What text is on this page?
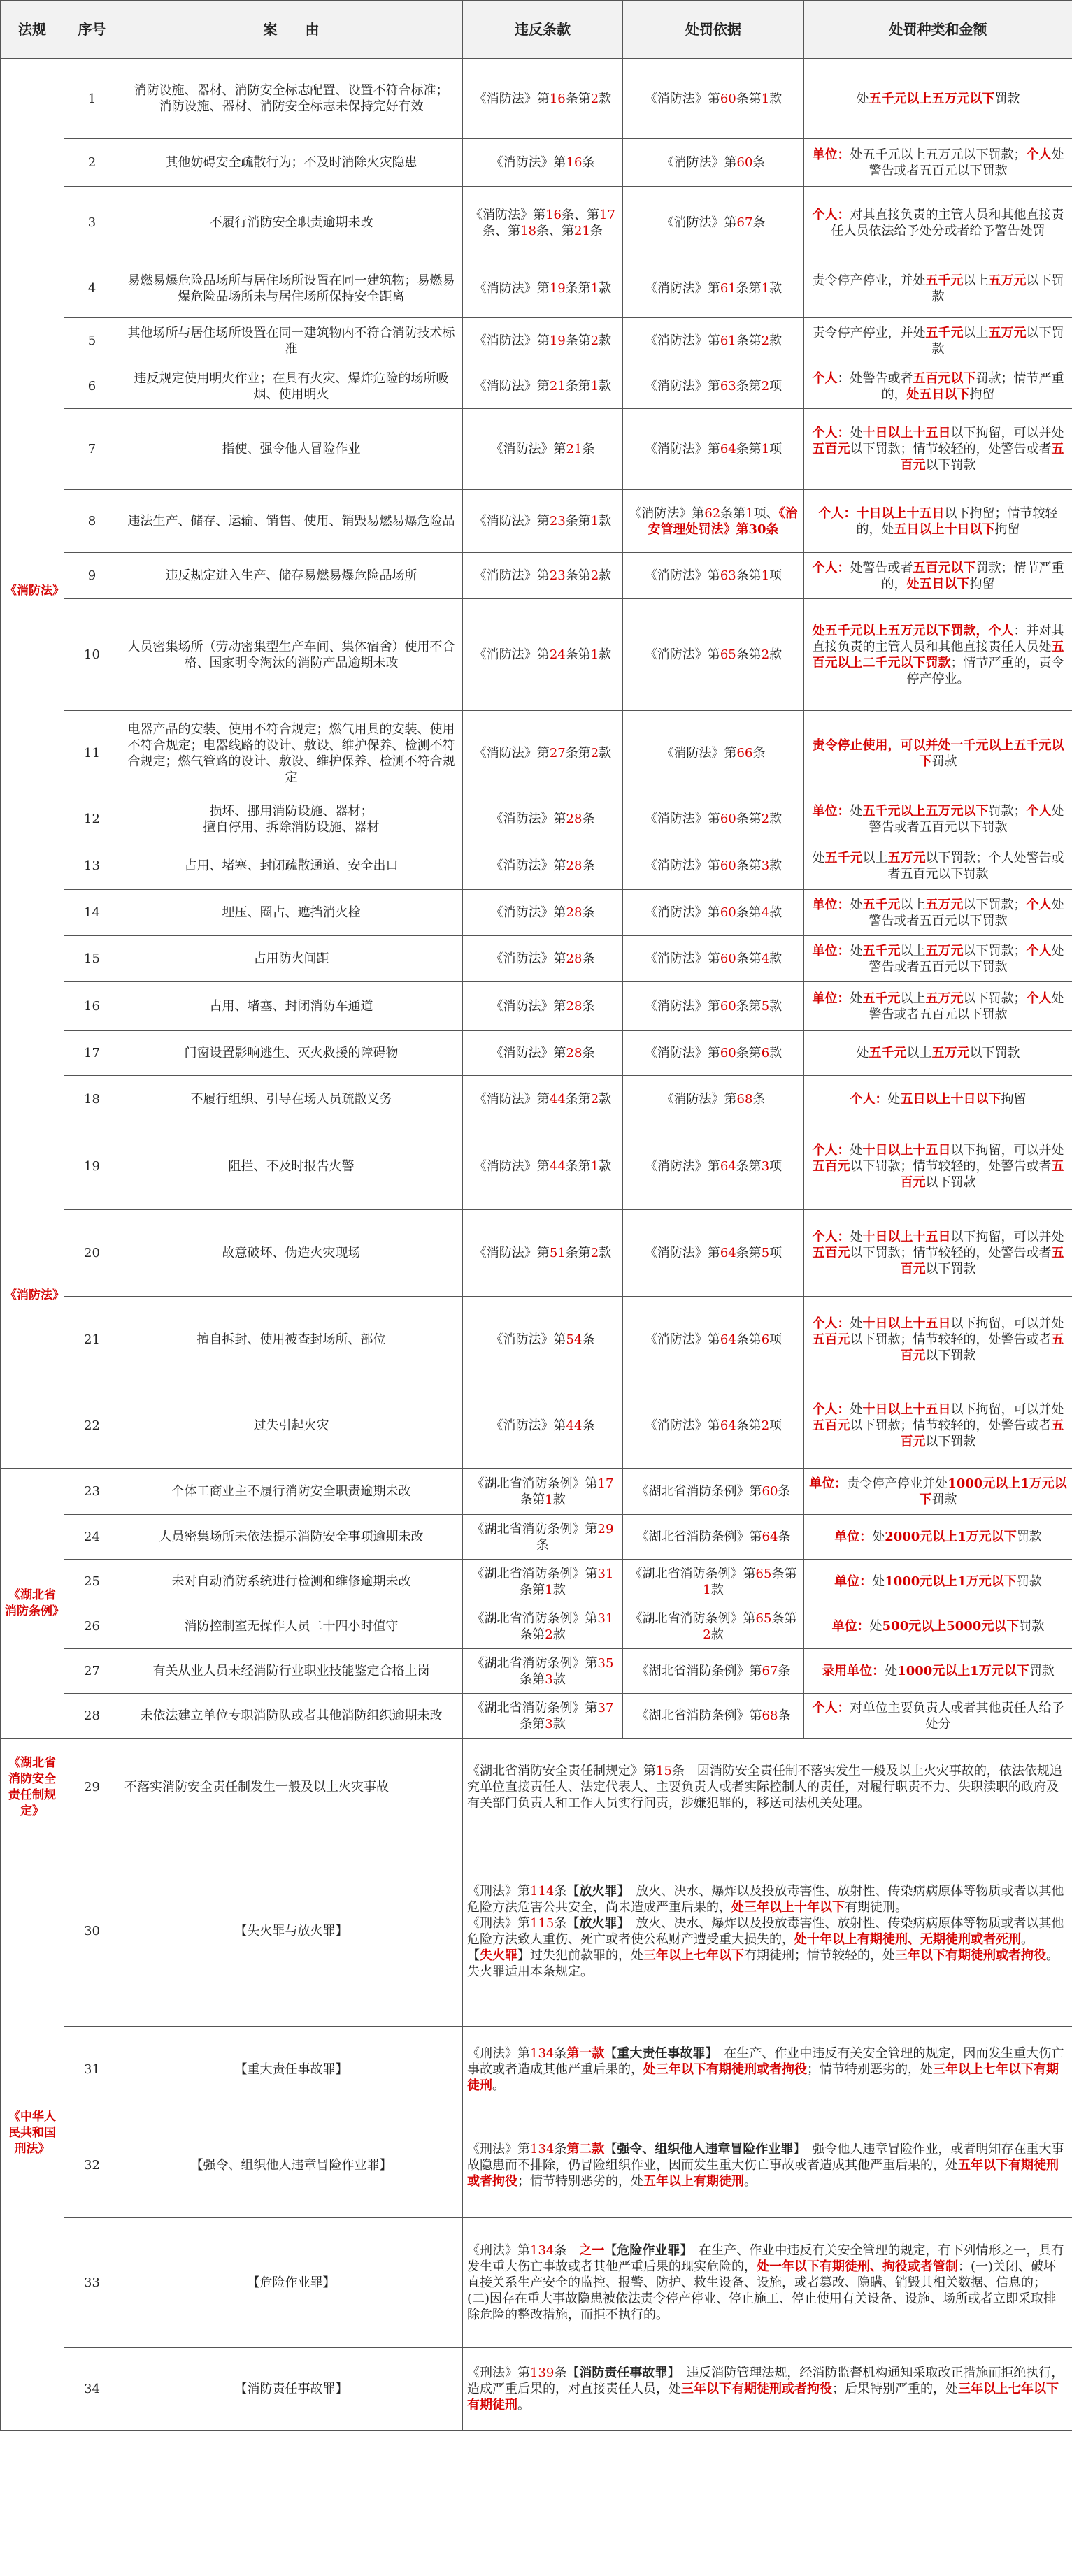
法规	序号	案　　由	违反条款	处罚依据	处罚种类和金额
《消防法》	1	消防设施、器材、消防安全标志配置、设置不符合标准；
消防设施、器材、消防安全标志未保持完好有效	《消防法》第16条第2款	《消防法》第60条第1款	处五千元以上五万元以下罚款
	2	其他妨碍安全疏散行为；不及时消除火灾隐患	《消防法》第16条	《消防法》第60条	单位：处五千元以上五万元以下罚款；个人处警告或者五百元以下罚款
	3	不履行消防安全职责逾期未改	《消防法》第16条、第17条、第18条、第21条	《消防法》第67条	个人：对其直接负责的主管人员和其他直接责任人员依法给予处分或者给予警告处罚
	4	易燃易爆危险品场所与居住场所设置在同一建筑物；易燃易爆危险品场所未与居住场所保持安全距离	《消防法》第19条第1款	《消防法》第61条第1款	责令停产停业，并处五千元以上五万元以下罚款
	5	其他场所与居住场所设置在同一建筑物内不符合消防技术标准	《消防法》第19条第2款	《消防法》第61条第2款	责令停产停业，并处五千元以上五万元以下罚款
	6	违反规定使用明火作业；在具有火灾、爆炸危险的场所吸烟、使用明火	《消防法》第21条第1款	《消防法》第63条第2项	个人：处警告或者五百元以下罚款；情节严重的，处五日以下拘留
	7	指使、强令他人冒险作业	《消防法》第21条	《消防法》第64条第1项	个人：处十日以上十五日以下拘留，可以并处五百元以下罚款；情节较轻的，处警告或者五百元以下罚款
	8	违法生产、储存、运输、销售、使用、销毁易燃易爆危险品	《消防法》第23条第1款	《消防法》第62条第1项、《治安管理处罚法》第30条	个人：十日以上十五日以下拘留；情节较轻的，处五日以上十日以下拘留
	9	违反规定进入生产、储存易燃易爆危险品场所	《消防法》第23条第2款	《消防法》第63条第1项	个人：处警告或者五百元以下罚款；情节严重的，处五日以下拘留
	10	人员密集场所（劳动密集型生产车间、集体宿舍）使用不合格、国家明令淘汰的消防产品逾期未改	《消防法》第24条第1款	《消防法》第65条第2款	处五千元以上五万元以下罚款，个人：并对其直接负责的主管人员和其他直接责任人员处五百元以上二千元以下罚款；情节严重的，责令停产停业。
	11	电器产品的安装、使用不符合规定；燃气用具的安装、使用不符合规定；电器线路的设计、敷设、维护保养、检测不符合规定；燃气管路的设计、敷设、维护保养、检测不符合规定	《消防法》第27条第2款	《消防法》第66条	责令停止使用，可以并处一千元以上五千元以下罚款
	12	损坏、挪用消防设施、器材；
擅自停用、拆除消防设施、器材	《消防法》第28条	《消防法》第60条第2款	单位：处五千元以上五万元以下罚款；个人处警告或者五百元以下罚款
	13	占用、堵塞、封闭疏散通道、安全出口	《消防法》第28条	《消防法》第60条第3款	处五千元以上五万元以下罚款；个人处警告或者五百元以下罚款
	14	埋压、圈占、遮挡消火栓	《消防法》第28条	《消防法》第60条第4款	单位：处五千元以上五万元以下罚款；个人处警告或者五百元以下罚款
	15	占用防火间距	《消防法》第28条	《消防法》第60条第4款	单位：处五千元以上五万元以下罚款；个人处警告或者五百元以下罚款
	16	占用、堵塞、封闭消防车通道	《消防法》第28条	《消防法》第60条第5款	单位：处五千元以上五万元以下罚款；个人处警告或者五百元以下罚款
	17	门窗设置影响逃生、灭火救援的障碍物	《消防法》第28条	《消防法》第60条第6款	处五千元以上五万元以下罚款
	18	不履行组织、引导在场人员疏散义务	《消防法》第44条第2款	《消防法》第68条	个人：处五日以上十日以下拘留
《消防法》	19	阻拦、不及时报告火警	《消防法》第44条第1款	《消防法》第64条第3项	个人：处十日以上十五日以下拘留，可以并处五百元以下罚款；情节较轻的，处警告或者五百元以下罚款
	20	故意破坏、伪造火灾现场	《消防法》第51条第2款	《消防法》第64条第5项	个人：处十日以上十五日以下拘留，可以并处五百元以下罚款；情节较轻的，处警告或者五百元以下罚款
	21	擅自拆封、使用被查封场所、部位	《消防法》第54条	《消防法》第64条第6项	个人：处十日以上十五日以下拘留，可以并处五百元以下罚款；情节较轻的，处警告或者五百元以下罚款
	22	过失引起火灾	《消防法》第44条	《消防法》第64条第2项	个人：处十日以上十五日以下拘留，可以并处五百元以下罚款；情节较轻的，处警告或者五百元以下罚款
《湖北省消防条例》	23	个体工商业主不履行消防安全职责逾期未改	《湖北省消防条例》第17条第1款	《湖北省消防条例》第60条	单位：责令停产停业并处1000元以上1万元以下罚款
	24	人员密集场所未依法提示消防安全事项逾期未改	《湖北省消防条例》第29条	《湖北省消防条例》第64条	单位：处2000元以上1万元以下罚款
	25	未对自动消防系统进行检测和维修逾期未改	《湖北省消防条例》第31条第1款	《湖北省消防条例》第65条第1款	单位：处1000元以上1万元以下罚款
	26	消防控制室无操作人员二十四小时值守	《湖北省消防条例》第31条第2款	《湖北省消防条例》第65条第2款	单位：处500元以上5000元以下罚款
	27	有关从业人员未经消防行业职业技能鉴定合格上岗	《湖北省消防条例》第35条第3款	《湖北省消防条例》第67条	录用单位：处1000元以上1万元以下罚款
	28	未依法建立单位专职消防队或者其他消防组织逾期未改	《湖北省消防条例》第37条第3款	《湖北省消防条例》第68条	个人：对单位主要负责人或者其他责任人给予处分
《湖北省消防安全责任制规定》	29	不落实消防安全责任制发生一般及以上火灾事故	《湖北省消防安全责任制规定》第15条　因消防安全责任制不落实发生一般及以上火灾事故的，依法依规追究单位直接责任人、法定代表人、主要负责人或者实际控制人的责任，对履行职责不力、失职渎职的政府及有关部门负责人和工作人员实行问责，涉嫌犯罪的，移送司法机关处理。		
《中华人民共和国刑法》	30	【失火罪与放火罪】	《刑法》第114条【放火罪】　放火、决水、爆炸以及投放毒害性、放射性、传染病病原体等物质或者以其他危险方法危害公共安全，尚未造成严重后果的，处三年以上十年以下有期徒刑。
《刑法》第115条【放火罪】　放火、决水、爆炸以及投放毒害性、放射性、传染病病原体等物质或者以其他危险方法致人重伤、死亡或者使公私财产遭受重大损失的，处十年以上有期徒刑、无期徒刑或者死刑。
【失火罪】过失犯前款罪的，处三年以上七年以下有期徒刑；情节较轻的，处三年以下有期徒刑或者拘役。失火罪适用本条规定。		
	31	【重大责任事故罪】	《刑法》第134条第一款【重大责任事故罪】　在生产、作业中违反有关安全管理的规定，因而发生重大伤亡事故或者造成其他严重后果的，处三年以下有期徒刑或者拘役；情节特别恶劣的，处三年以上七年以下有期徒刑。		
	32	【强令、组织他人违章冒险作业罪】	《刑法》第134条第二款【强令、组织他人违章冒险作业罪】　强令他人违章冒险作业，或者明知存在重大事故隐患而不排除，仍冒险组织作业，因而发生重大伤亡事故或者造成其他严重后果的，处五年以下有期徒刑或者拘役；情节特别恶劣的，处五年以上有期徒刑。		
	33	【危险作业罪】	《刑法》第134条　之一【危险作业罪】　在生产、作业中违反有关安全管理的规定，有下列情形之一，具有发生重大伤亡事故或者其他严重后果的现实危险的，处一年以下有期徒刑、拘役或者管制：(一)关闭、破坏直接关系生产安全的监控、报警、防护、救生设备、设施，或者篡改、隐瞒、销毁其相关数据、信息的；(二)因存在重大事故隐患被依法责令停产停业、停止施工、停止使用有关设备、设施、场所或者立即采取排除危险的整改措施，而拒不执行的。		
	34	【消防责任事故罪】	《刑法》第139条【消防责任事故罪】　违反消防管理法规，经消防监督机构通知采取改正措施而拒绝执行，造成严重后果的，对直接责任人员，处三年以下有期徒刑或者拘役；后果特别严重的，处三年以上七年以下有期徒刑。		
